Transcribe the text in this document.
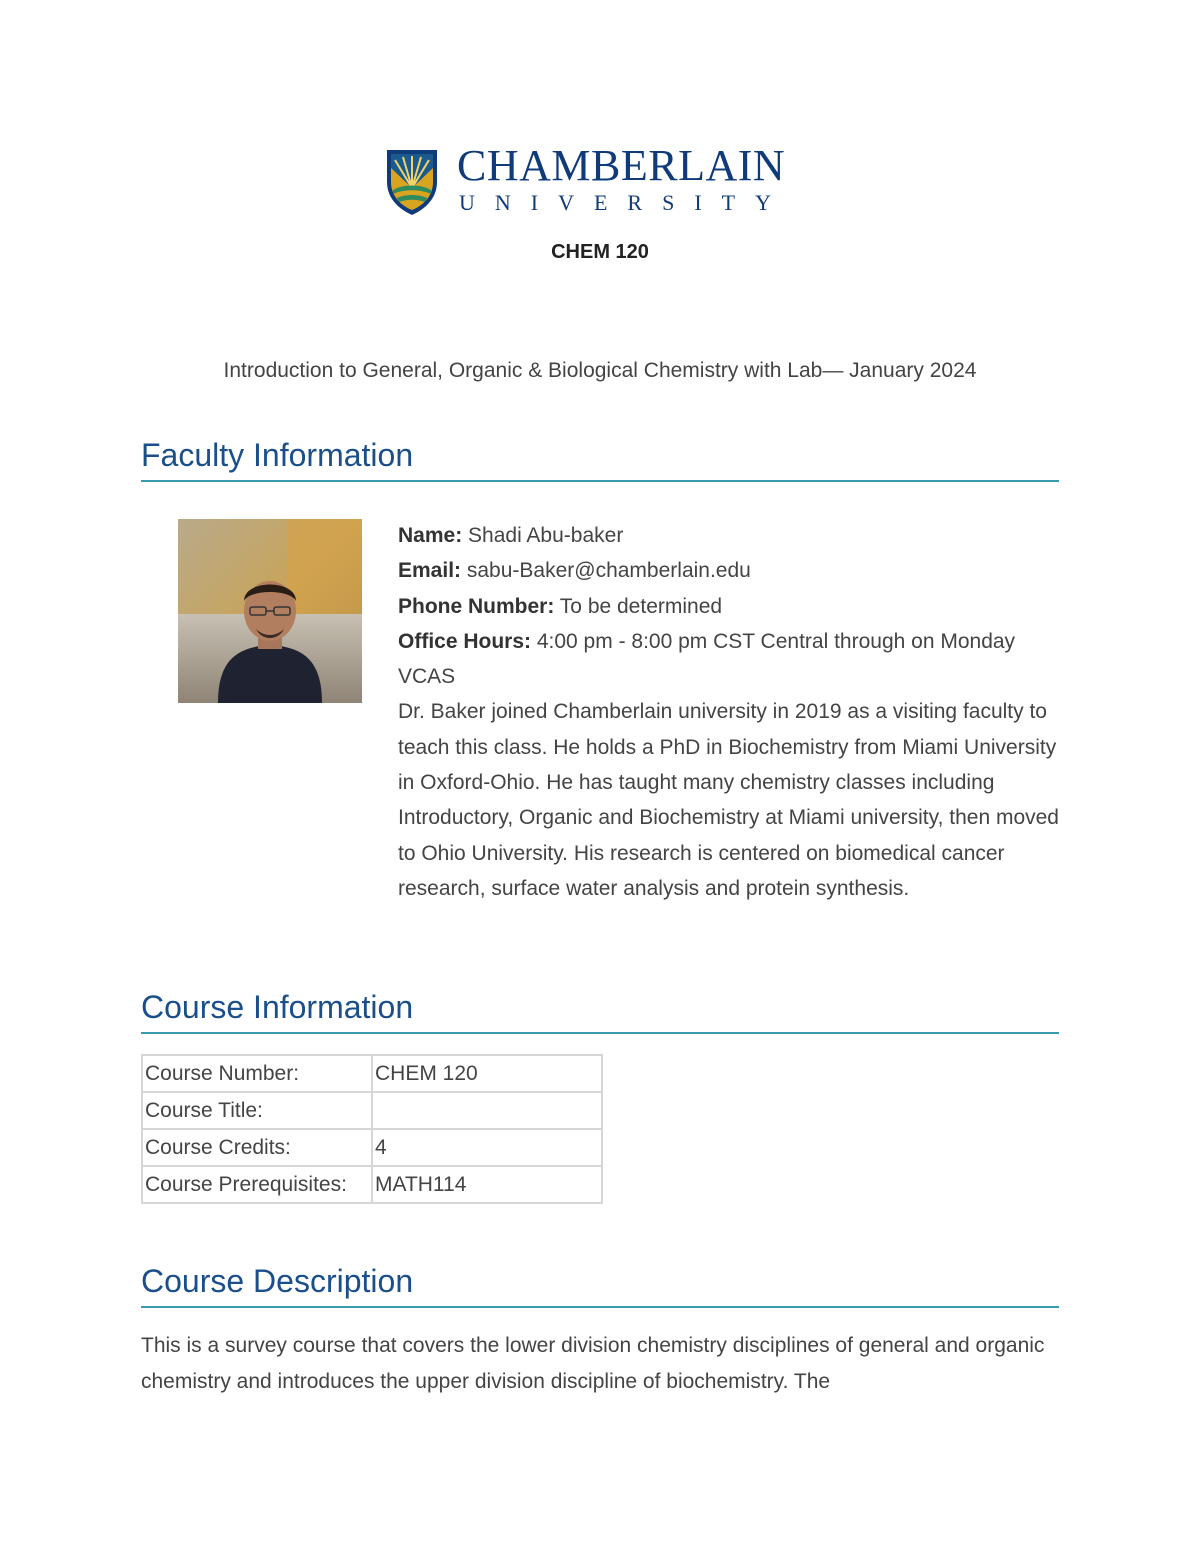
CHAMBERLAIN
UNIVERSITY
CHEM 120
Introduction to General, Organic & Biological Chemistry with Lab— January 2024
Faculty Information
Name: Shadi Abu-baker
Email: sabu-Baker@chamberlain.edu
Phone Number: To be determined
Office Hours: 4:00 pm - 8:00 pm CST Central through on Monday VCAS
Dr. Baker joined Chamberlain university in 2019 as a visiting faculty to teach this class. He holds a PhD in Biochemistry from Miami University in Oxford-Ohio. He has taught many chemistry classes including Introductory, Organic and Biochemistry at Miami university, then moved to Ohio University. His research is centered on biomedical cancer research, surface water analysis and protein synthesis.
Course Information
Course Number:	CHEM 120
Course Title:	
Course Credits:	4
Course Prerequisites:	MATH114
Course Description
This is a survey course that covers the lower division chemistry disciplines of general and organic chemistry and introduces the upper division discipline of biochemistry. The
